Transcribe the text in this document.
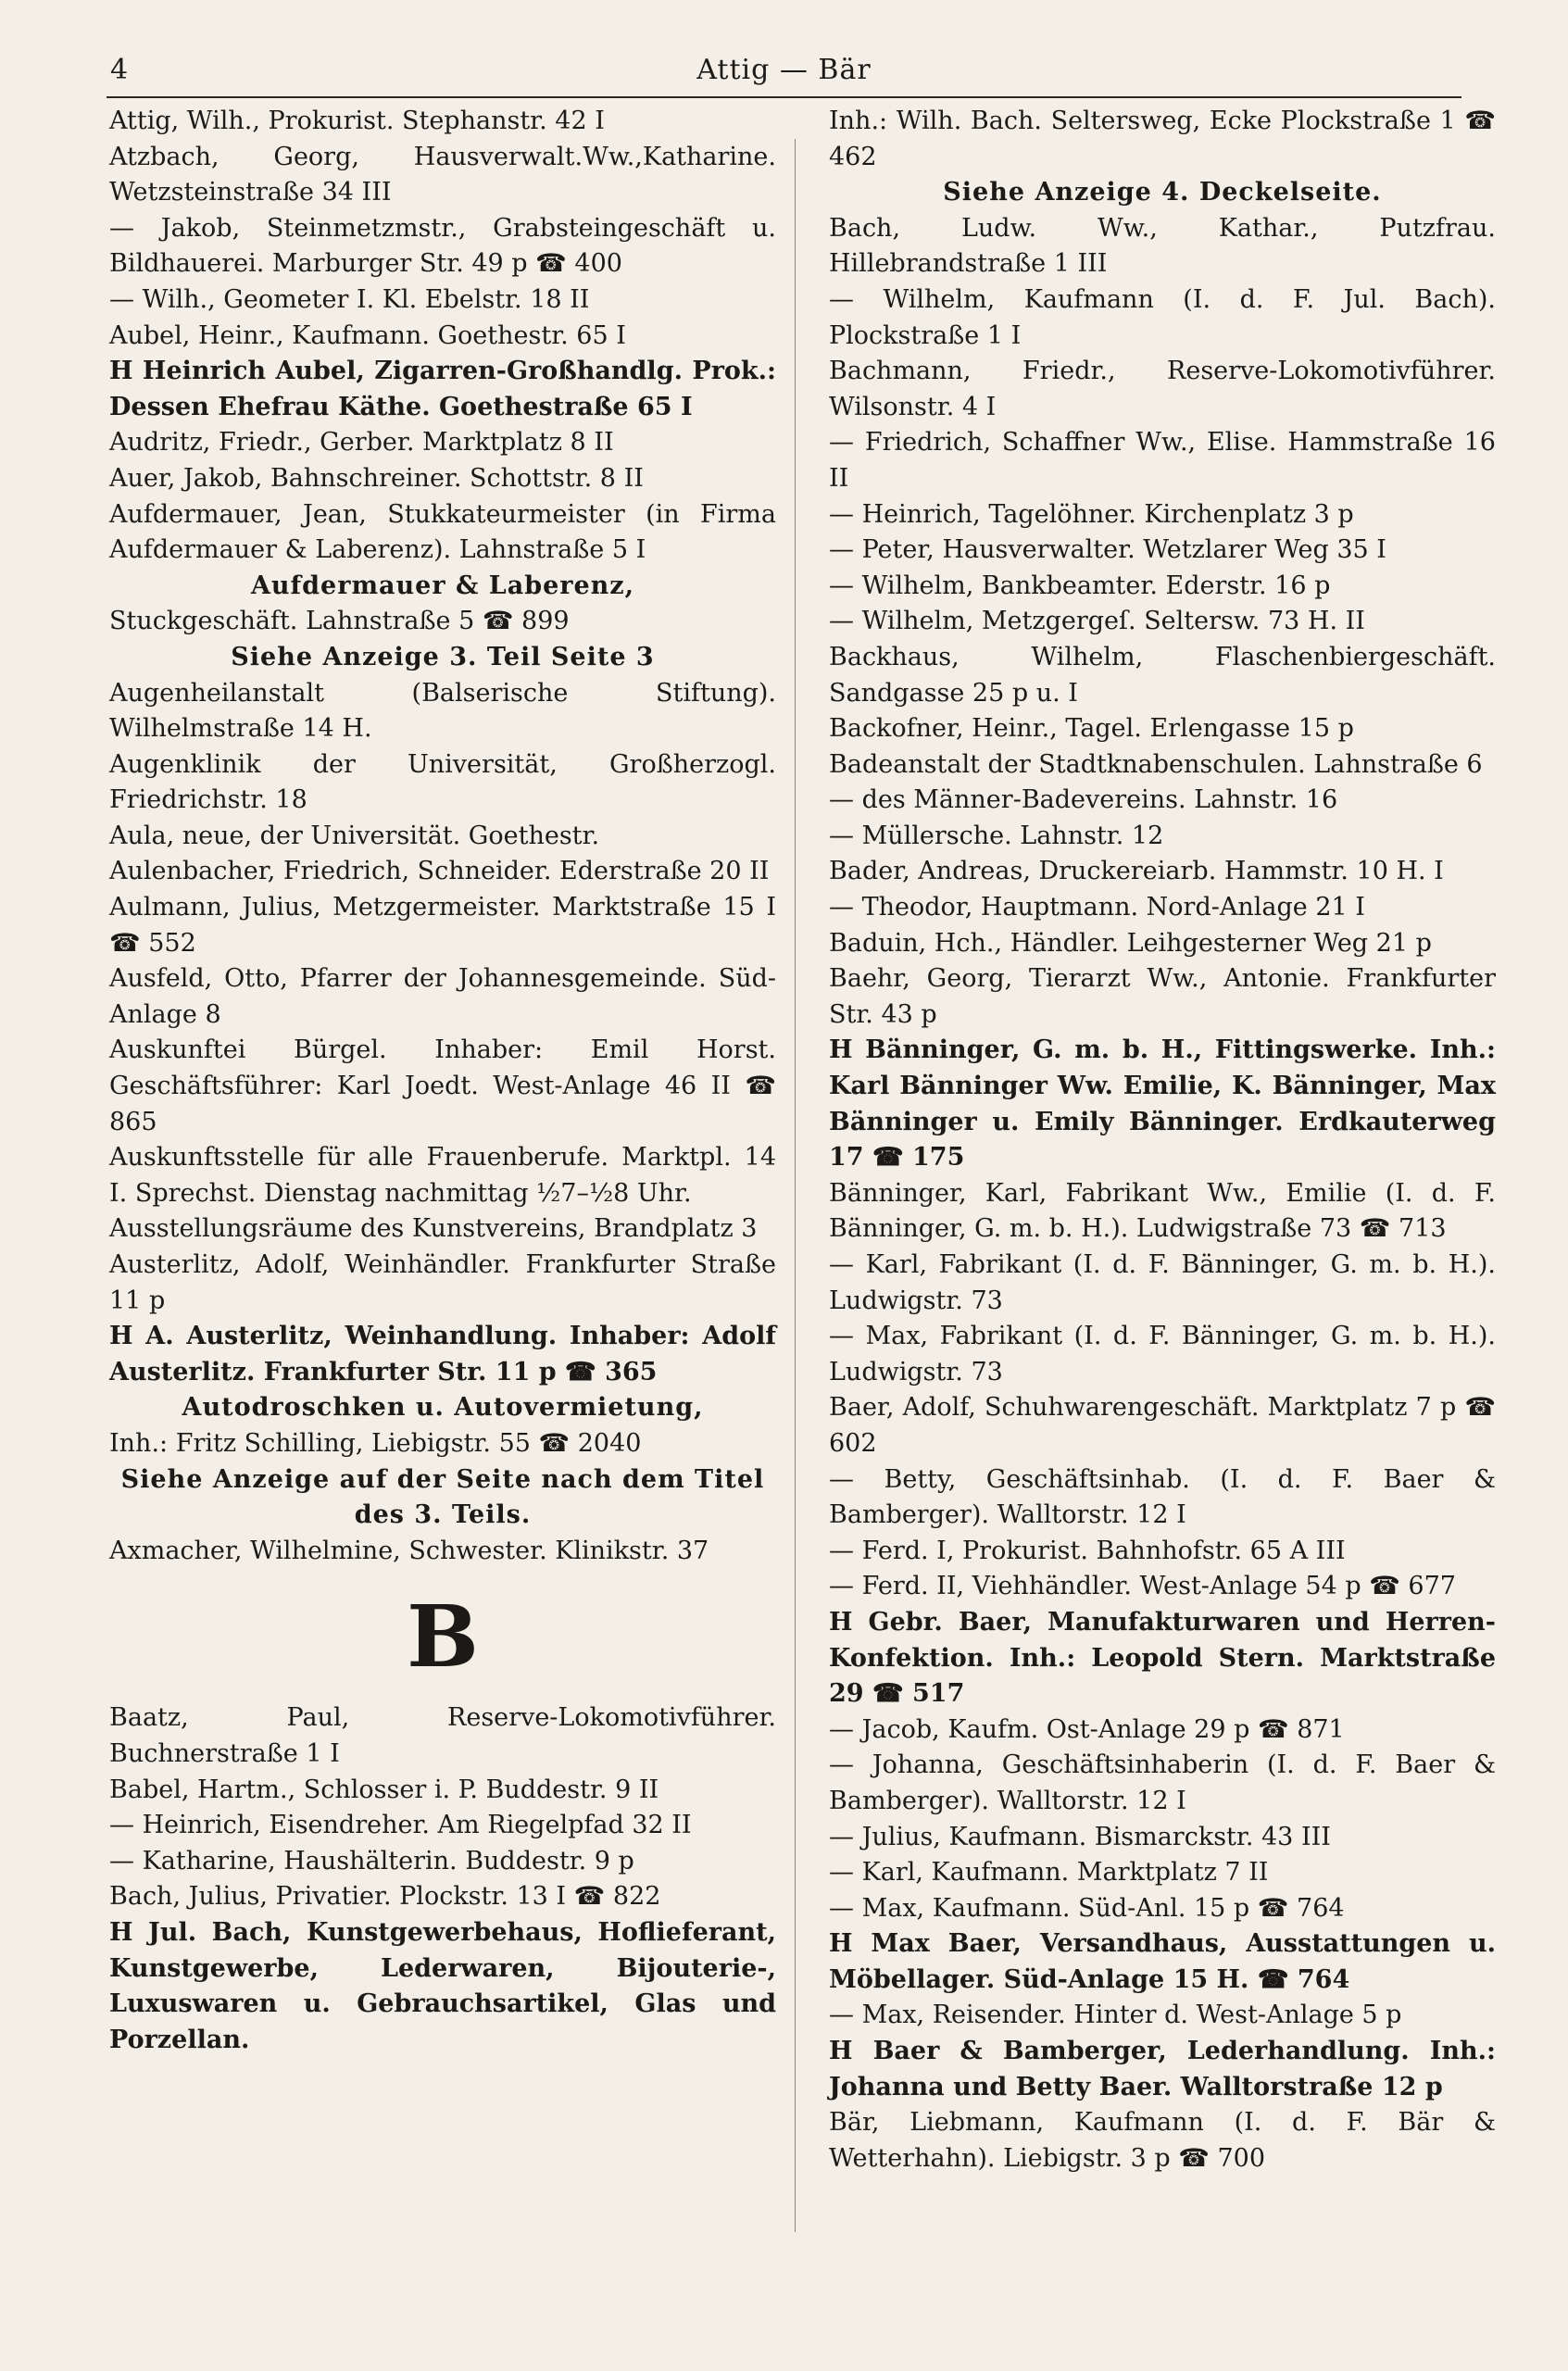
4	Attig — Bär
Attig, Wilh., Prokurist. Stephanstr. 42 I
Atzbach, Georg, Hausverwalt.Ww.,Katharine. Wetzsteinstraße 34 III
— Jakob, Steinmetzmstr., Grabsteingeschäft u. Bildhauerei. Marburger Str. 49 p ☎ 400
— Wilh., Geometer I. Kl. Ebelstr. 18 II
Aubel, Heinr., Kaufmann. Goethestr. 65 I
H Heinrich Aubel, Zigarren-Großhandlg. Prok.: Dessen Ehefrau Käthe. Goethestraße 65 I
Audritz, Friedr., Gerber. Marktplatz 8 II
Auer, Jakob, Bahnschreiner. Schottstr. 8 II
Aufdermauer, Jean, Stukkateurmeister (in Firma Aufdermauer & Laberenz). Lahnstraße 5 I
Aufdermauer & Laberenz,
Stuckgeschäft. Lahnstraße 5 ☎ 899
Siehe Anzeige 3. Teil Seite 3
Augenheilanstalt (Balserische Stiftung). Wilhelmstraße 14 H.
Augenklinik der Universität, Großherzogl. Friedrichstr. 18
Aula, neue, der Universität. Goethestr.
Aulenbacher, Friedrich, Schneider. Ederstraße 20 II
Aulmann, Julius, Metzgermeister. Marktstraße 15 I ☎ 552
Ausfeld, Otto, Pfarrer der Johannesgemeinde. Süd-Anlage 8
Auskunftei Bürgel. Inhaber: Emil Horst. Geschäftsführer: Karl Joedt. West-Anlage 46 II ☎ 865
Auskunftsstelle für alle Frauenberufe. Marktpl. 14 I. Sprechst. Dienstag nachmittag ½7–½8 Uhr.
Ausstellungsräume des Kunstvereins, Brandplatz 3
Austerlitz, Adolf, Weinhändler. Frankfurter Straße 11 p
H A. Austerlitz, Weinhandlung. Inhaber: Adolf Austerlitz. Frankfurter Str. 11 p ☎ 365
Autodroschken u. Autovermietung,
Inh.: Fritz Schilling, Liebigstr. 55 ☎ 2040
Siehe Anzeige auf der Seite nach dem Titel des 3. Teils.
Axmacher, Wilhelmine, Schwester. Klinikstr. 37
B
Baatz, Paul, Reserve-Lokomotivführer. Buchnerstraße 1 I
Babel, Hartm., Schlosser i. P. Buddestr. 9 II
— Heinrich, Eisendreher. Am Riegelpfad 32 II
— Katharine, Haushälterin. Buddestr. 9 p
Bach, Julius, Privatier. Plockstr. 13 I ☎ 822
H Jul. Bach, Kunstgewerbehaus, Hoflieferant, Kunstgewerbe, Lederwaren, Bijouterie-, Luxuswaren u. Gebrauchsartikel, Glas und Porzellan.
Inh.: Wilh. Bach. Seltersweg, Ecke Plockstraße 1 ☎ 462
Siehe Anzeige 4. Deckelseite.
Bach, Ludw. Ww., Kathar., Putzfrau. Hillebrandstraße 1 III
— Wilhelm, Kaufmann (I. d. F. Jul. Bach). Plockstraße 1 I
Bachmann, Friedr., Reserve-Lokomotivführer. Wilsonstr. 4 I
— Friedrich, Schaffner Ww., Elise. Hammstraße 16 II
— Heinrich, Tagelöhner. Kirchenplatz 3 p
— Peter, Hausverwalter. Wetzlarer Weg 35 I
— Wilhelm, Bankbeamter. Ederstr. 16 p
— Wilhelm, Metzgergeſ. Seltersw. 73 H. II
Backhaus, Wilhelm, Flaschenbiergeschäft. Sandgasse 25 p u. I
Backofner, Heinr., Tagel. Erlengasse 15 p
Badeanstalt der Stadtknabenschulen. Lahnstraße 6
— des Männer-Badevereins. Lahnstr. 16
— Müllersche. Lahnstr. 12
Bader, Andreas, Druckereiarb. Hammstr. 10 H. I
— Theodor, Hauptmann. Nord-Anlage 21 I
Baduin, Hch., Händler. Leihgesterner Weg 21 p
Baehr, Georg, Tierarzt Ww., Antonie. Frankfurter Str. 43 p
H Bänninger, G. m. b. H., Fittingswerke. Inh.: Karl Bänninger Ww. Emilie, K. Bänninger, Max Bänninger u. Emily Bänninger. Erdkauterweg 17 ☎ 175
Bänninger, Karl, Fabrikant Ww., Emilie (I. d. F. Bänninger, G. m. b. H.). Ludwigstraße 73 ☎ 713
— Karl, Fabrikant (I. d. F. Bänninger, G. m. b. H.). Ludwigstr. 73
— Max, Fabrikant (I. d. F. Bänninger, G. m. b. H.). Ludwigstr. 73
Baer, Adolf, Schuhwarengeschäft. Marktplatz 7 p ☎ 602
— Betty, Geschäftsinhab. (I. d. F. Baer & Bamberger). Walltorstr. 12 I
— Ferd. I, Prokurist. Bahnhofstr. 65 A III
— Ferd. II, Viehhändler. West-Anlage 54 p ☎ 677
H Gebr. Baer, Manufakturwaren und Herren-Konfektion. Inh.: Leopold Stern. Marktstraße 29 ☎ 517
— Jacob, Kaufm. Ost-Anlage 29 p ☎ 871
— Johanna, Geschäftsinhaberin (I. d. F. Baer & Bamberger). Walltorstr. 12 I
— Julius, Kaufmann. Bismarckstr. 43 III
— Karl, Kaufmann. Marktplatz 7 II
— Max, Kaufmann. Süd-Anl. 15 p ☎ 764
H Max Baer, Versandhaus, Ausstattungen u. Möbellager. Süd-Anlage 15 H. ☎ 764
— Max, Reisender. Hinter d. West-Anlage 5 p
H Baer & Bamberger, Lederhandlung. Inh.: Johanna und Betty Baer. Walltorstraße 12 p
Bär, Liebmann, Kaufmann (I. d. F. Bär & Wetterhahn). Liebigstr. 3 p ☎ 700
